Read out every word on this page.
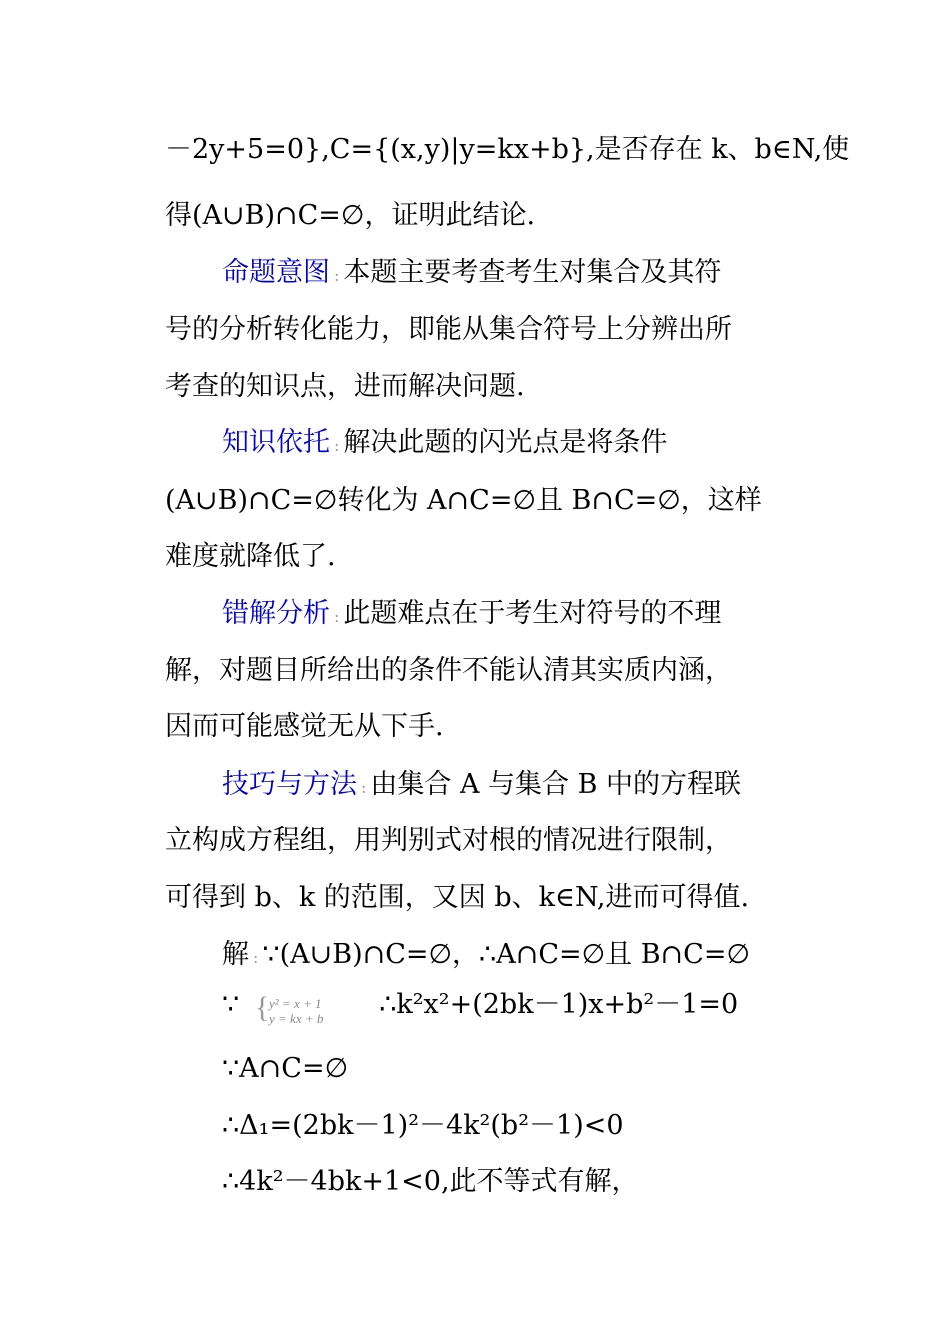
－2y+5=0},C={(x,y)|y=kx+b},是否存在 k、b∈N,使
得(A∪B)∩C=∅，证明此结论.
命题意图 : 本题主要考查考生对集合及其符
号的分析转化能力，即能从集合符号上分辨出所
考查的知识点，进而解决问题.
知识依托 : 解决此题的闪光点是将条件
(A∪B)∩C=∅转化为 A∩C=∅且 B∩C=∅，这样
难度就降低了.
错解分析 : 此题难点在于考生对符号的不理
解，对题目所给出的条件不能认清其实质内涵，
因而可能感觉无从下手.
技巧与方法 : 由集合 A 与集合 B 中的方程联
立构成方程组，用判别式对根的情况进行限制，
可得到 b、k 的范围，又因 b、k∈N,进而可得值.
解 : ∵(A∪B)∩C=∅，∴A∩C=∅且 B∩C=∅
∵	∴k²x²+(2bk－1)x+b²－1=0
{ y² = x + 1
y = kx + b
∵A∩C=∅
∴Δ₁=(2bk－1)²－4k²(b²－1)<0
∴4k²－4bk+1<0,此不等式有解，
